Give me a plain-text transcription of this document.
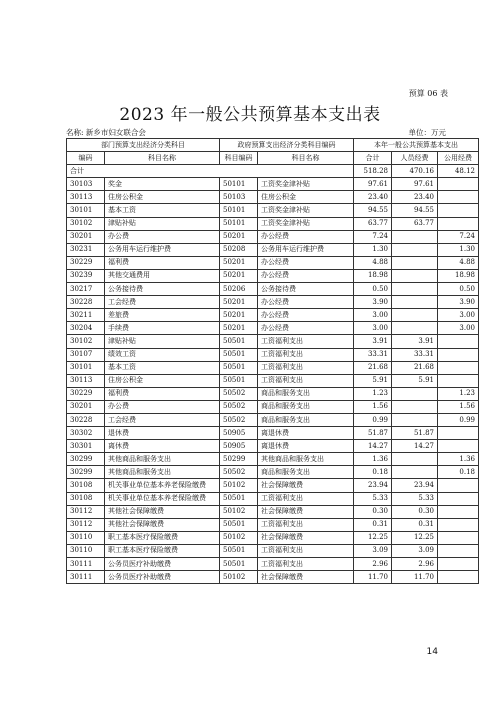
预算 06 表
2023 年一般公共预算基本支出表
名称: 新乡市妇女联合会	单位：万元
部门预算支出经济分类科目		政府预算支出经济分类科目编码		本年一般公共预算基本支出		
编码	科目名称	科目编码	科目名称	合计	人员经费	公用经费
合计				518.28	470.16	48.12
30103	奖金	50101	工资奖金津补贴	97.61	97.61	
30113	住房公积金	50103	住房公积金	23.40	23.40	
30101	基本工资	50101	工资奖金津补贴	94.55	94.55	
30102	津贴补贴	50101	工资奖金津补贴	63.77	63.77	
30201	办公费	50201	办公经费	7.24		7.24
30231	公务用车运行维护费	50208	公务用车运行维护费	1.30		1.30
30229	福利费	50201	办公经费	4.88		4.88
30239	其他交通费用	50201	办公经费	18.98		18.98
30217	公务接待费	50206	公务接待费	0.50		0.50
30228	工会经费	50201	办公经费	3.90		3.90
30211	差旅费	50201	办公经费	3.00		3.00
30204	手续费	50201	办公经费	3.00		3.00
30102	津贴补贴	50501	工资福利支出	3.91	3.91	
30107	绩效工资	50501	工资福利支出	33.31	33.31	
30101	基本工资	50501	工资福利支出	21.68	21.68	
30113	住房公积金	50501	工资福利支出	5.91	5.91	
30229	福利费	50502	商品和服务支出	1.23		1.23
30201	办公费	50502	商品和服务支出	1.56		1.56
30228	工会经费	50502	商品和服务支出	0.99		0.99
30302	退休费	50905	离退休费	51.87	51.87	
30301	离休费	50905	离退休费	14.27	14.27	
30299	其他商品和服务支出	50299	其他商品和服务支出	1.36		1.36
30299	其他商品和服务支出	50502	商品和服务支出	0.18		0.18
30108	机关事业单位基本养老保险缴费	50102	社会保障缴费	23.94	23.94	
30108	机关事业单位基本养老保险缴费	50501	工资福利支出	5.33	5.33	
30112	其他社会保障缴费	50102	社会保障缴费	0.30	0.30	
30112	其他社会保障缴费	50501	工资福利支出	0.31	0.31	
30110	职工基本医疗保险缴费	50102	社会保障缴费	12.25	12.25	
30110	职工基本医疗保险缴费	50501	工资福利支出	3.09	3.09	
30111	公务员医疗补助缴费	50501	工资福利支出	2.96	2.96	
30111	公务员医疗补助缴费	50102	社会保障缴费	11.70	11.70	
14
